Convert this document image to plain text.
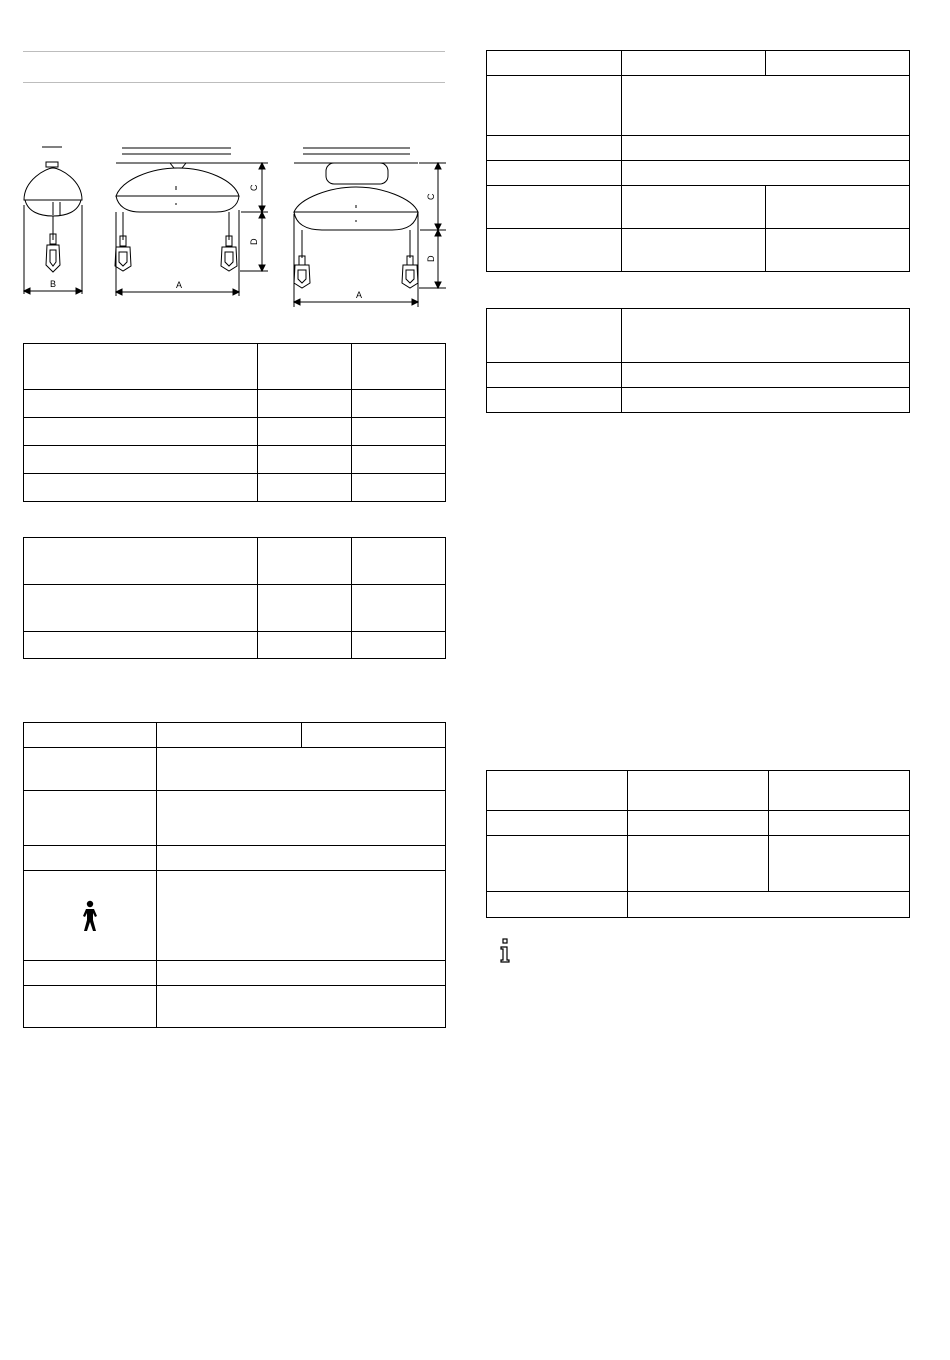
B	A
A
C
D
C
D
